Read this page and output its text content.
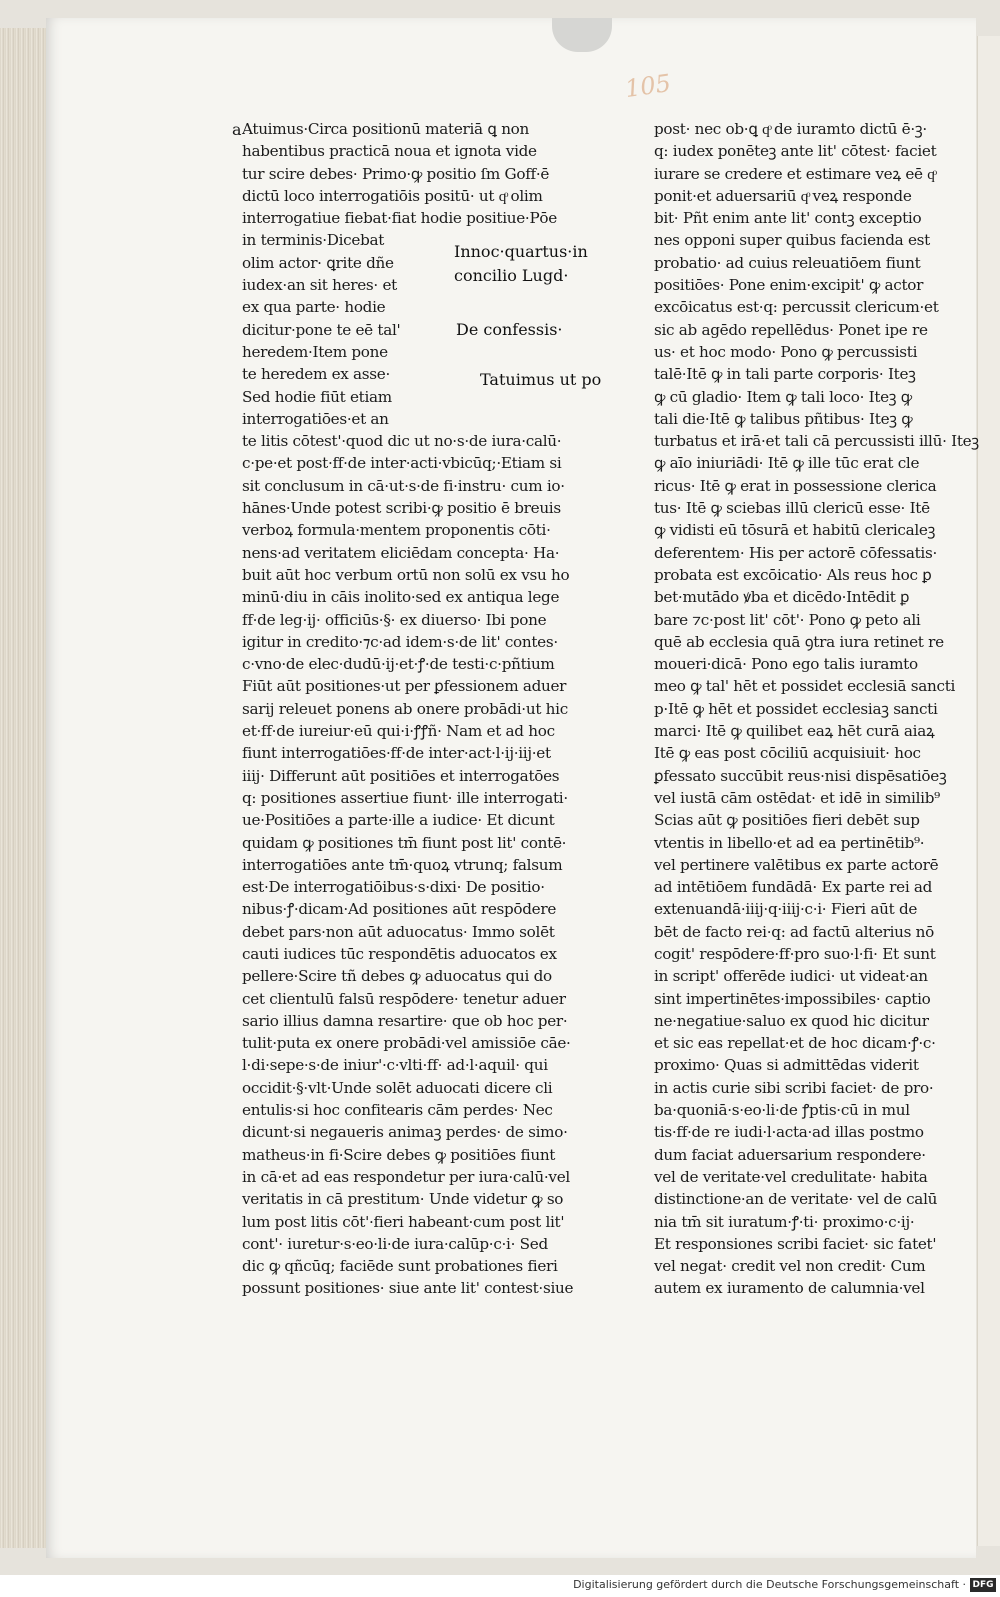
105
a Atuimus·Circa positionū materiā ꝗ non
habentibus practicā noua et ignota vide
tur scire debes· Primo·ꝙ positio ſm Goff·ē
dictū loco interrogatiōis positū· ut qͦ olim
interrogatiue fiebat·fiat hodie positiue·Pōe
in terminis·Dicebat
olim actor· ꝗrite dñe
iudex·an sit heres· et
ex qua parte· hodie
dicitur·pone te eē tal'
heredem·Item pone
te heredem ex asse·
Sed hodie fiūt etiam
interrogatiōes·et an
te litis cōtest'·quod dic ut no·s·de iura·calū·
c·pe·et post·ff·de inter·acti·vbicūq;·Etiam si
sit conclusum in cā·ut·s·de fi·instru· cum io·
hānes·Unde potest scribi·ꝙ positio ē breuis
verboꝝ formula·mentem proponentis cōti·
nens·ad veritatem eliciēdam concepta· Ha·
buit aūt hoc verbum ortū non solū ex vsu ho
minū·diu in cāis inolito·sed ex antiqua lege
ff·de leg·ij· officiūs·§· ex diuerso· Ibi pone
igitur in credito·⁊c·ad idem·s·de lit' contes·
c·vno·de elec·dudū·ij·et·ꝭ·de testi·c·pñtium
Fiūt aūt positiones·ut per ꝑfessionem aduer
sarij releuet ponens ab onere probādi·ut hic
et·ff·de iureiur·eū qui·i·ꝭꝭñ· Nam et ad hoc
fiunt interrogatiōes·ff·de inter·act·l·ij·iij·et
iiij· Differunt aūt positiōes et interrogatōes
q: positiones assertiue fiunt· ille interrogati·
ue·Positiōes a parte·ille a iudice· Et dicunt
quidam ꝙ positiones tm̄ fiunt post lit' contē·
interrogatiōes ante tm̄·quoꝝ vtrunq; falsum
est·De interrogatiōibus·s·dixi· De positio·
nibus·ꝭ·dicam·Ad positiones aūt respōdere
debet pars·non aūt aduocatus· Immo solēt
cauti iudices tūc respondētis aduocatos ex
pellere·Scire tñ debes ꝙ aduocatus qui do
cet clientulū falsū respōdere· tenetur aduer
sario illius damna resartire· que ob hoc per·
tulit·puta ex onere probādi·vel amissiōe cāe·
l·di·sepe·s·de iniur'·c·vlti·ff· ad·l·aquil· qui
occidit·§·vlt·Unde solēt aduocati dicere cli
entulis·si hoc confitearis cām perdes· Nec
dicunt·si negaueris animaꝫ perdes· de simo·
matheus·in fi·Scire debes ꝙ positiōes fiunt
in cā·et ad eas respondetur per iura·calū·vel
veritatis in cā prestitum· Unde videtur ꝙ so
lum post litis cōt'·fieri habeant·cum post lit'
cont'· iuretur·s·eo·li·de iura·calūp·c·i· Sed
dic ꝙ qñcūq; faciēde sunt probationes fieri
possunt positiones· siue ante lit' contest·siue
Innoc·quartus·in
concilio Lugd·
De confessis·
Tatuimus ut po
post· nec ob·ꝗ qͦ de iuramto dictū ē·ꝫ·
q: iudex ponēteꝫ ante lit' cōtest· faciet
iurare se credere et estimare veꝝ eē qͦ
ponit·et aduersariū qͦ veꝝ responde
bit· Pñt enim ante lit' contꝫ exceptio
nes opponi super quibus facienda est
probatio· ad cuius releuatiōem fiunt
positiōes· Pone enim·excipit' ꝙ actor
excōicatus est·q: percussit clericum·et
sic ab agēdo repellēdus· Ponet ipe re
us· et hoc modo· Pono ꝙ percussisti
talē·Itē ꝙ in tali parte corporis· Iteꝫ
ꝙ cū gladio· Item ꝙ tali loco· Iteꝫ ꝙ
tali die·Itē ꝙ talibus pñtibus· Iteꝫ ꝙ
turbatus et irā·et tali cā percussisti illū· Iteꝫ
ꝙ aīo iniuriādi· Itē ꝙ ille tūc erat cle
ricus· Itē ꝙ erat in possessione clerica
tus· Itē ꝙ sciebas illū clericū esse· Itē
ꝙ vidisti eū tōsurā et habitū clericaleꝫ
deferentem· His per actorē cōfessatis·
probata est excōicatio· Als reus hoc ꝑ
bet·mutādo ꝟba et dicēdo·Intēdit ꝑ
bare ⁊c·post lit' cōt'· Pono ꝙ peto ali
quē ab ecclesia quā ꝯtra iura retinet re
moueri·dicā· Pono ego talis iuramto
meo ꝙ tal' hēt et possidet ecclesiā sancti
p·Itē ꝙ hēt et possidet ecclesiaꝫ sancti
marci· Itē ꝙ quilibet eaꝝ hēt curā aiaꝝ
Itē ꝙ eas post cōciliū acquisiuit· hoc
ꝑfessato succūbit reus·nisi dispēsatiōeꝫ
vel iustā cām ostēdat· et idē in similib⁹
Scias aūt ꝙ positiōes fieri debēt sup
vtentis in libello·et ad ea pertinētib⁹·
vel pertinere valētibus ex parte actorē
ad intētiōem fundādā· Ex parte rei ad
extenuandā·iiij·q·iiij·c·i· Fieri aūt de
bēt de facto rei·q: ad factū alterius nō
cogit' respōdere·ff·pro suo·l·fi· Et sunt
in script' offerēde iudici· ut videat·an
sint impertinētes·impossibiles· captio
ne·negatiue·saluo ex quod hic dicitur
et sic eas repellat·et de hoc dicam·ꝭ·c·
proximo· Quas si admittēdas viderit
in actis curie sibi scribi faciet· de pro·
ba·quoniā·s·eo·li·de ꝭptis·cū in mul
tis·ff·de re iudi·l·acta·ad illas postmo
dum faciat aduersarium respondere·
vel de veritate·vel credulitate· habita
distinctione·an de veritate· vel de calū
nia tm̄ sit iuratum·ꝭ·ti· proximo·c·ij·
Et responsiones scribi faciet· sic fatet'
vel negat· credit vel non credit· Cum
autem ex iuramento de calumnia·vel
Digitalisierung gefördert durch die Deutsche Forschungsgemeinschaft · DFG
